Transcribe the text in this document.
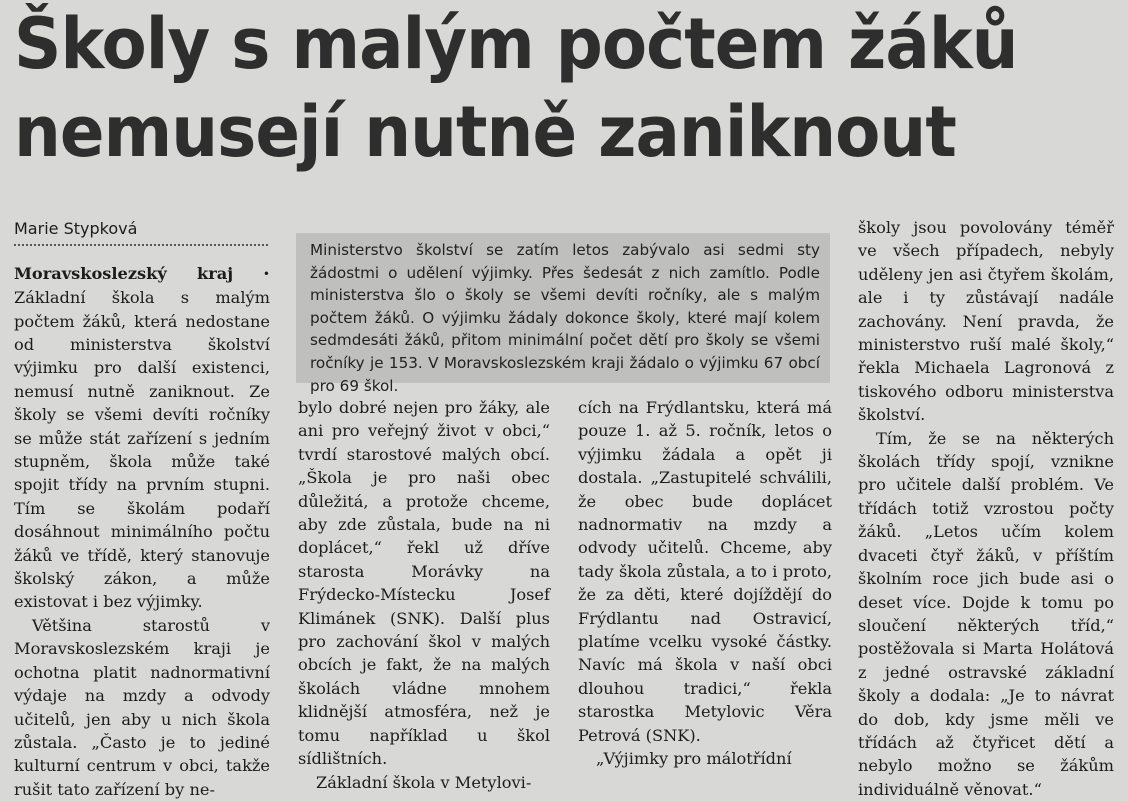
Školy s malým počtem žáků
nemusejí nutně zaniknout
Marie Stypková
Ministerstvo školství se zatím letos zabývalo asi sedmi sty žádostmi o udělení výjimky. Přes šedesát z nich zamítlo. Podle ministerstva šlo o školy se všemi devíti ročníky, ale s malým počtem žáků. O výjimku žádaly dokonce školy, které mají kolem sedmdesáti žáků, přitom minimální počet dětí pro školy se všemi ročníky je 153. V Moravskoslezském kraji žádalo o výjimku 67 obcí pro 69 škol.

Moravskoslezský kraj • Základní škola s malým počtem žáků, která nedostane od ministerstva školství výjimku pro další existenci, nemusí nutně zaniknout. Ze školy se všemi devíti ročníky se může stát zařízení s jedním stupněm, škola může také spojit třídy na prvním stupni. Tím se školám podaří dosáhnout minimálního počtu žáků ve třídě, který stanovuje školský zákon, a může existovat i bez výjimky.

Většina starostů v Moravskoslezském kraji je ochotna platit nadnormativní výdaje na mzdy a odvody učitelů, jen aby u nich škola zůstala. „Často je to jediné kulturní centrum v obci, takže rušit tato zařízení by ne-

bylo dobré nejen pro žáky, ale ani pro veřejný život v obci,“ tvrdí starostové malých obcí. „Škola je pro naši obec důležitá, a protože chceme, aby zde zůstala, bude na ni doplácet,“ řekl už dříve starosta Morávky na Frýdecko-Místecku Josef Klimánek (SNK). Další plus pro zachování škol v malých obcích je fakt, že na malých školách vládne mnohem klidnější atmosféra, než je tomu například u škol sídlištních.

Základní škola v Metylovi-

cích na Frýdlantsku, která má pouze 1. až 5. ročník, letos o výjimku žádala a opět ji dostala. „Zastupitelé schválili, že obec bude doplácet nadnormativ na mzdy a odvody učitelů. Chceme, aby tady škola zůstala, a to i proto, že za děti, které dojíždějí do Frýdlantu nad Ostravicí, platíme vcelku vysoké částky. Navíc má škola v naší obci dlouhou tradici,“ řekla starostka Metylovic Věra Petrová (SNK).

„Výjimky pro málotřídní

školy jsou povolovány téměř ve všech případech, nebyly uděleny jen asi čtyřem školám, ale i ty zůstávají nadále zachovány. Není pravda, že ministerstvo ruší malé školy,“ řekla Michaela Lagronová z tiskového odboru ministerstva školství.

Tím, že se na některých školách třídy spojí, vznikne pro učitele další problém. Ve třídách totiž vzrostou počty žáků. „Letos učím kolem dvaceti čtyř žáků, v příštím školním roce jich bude asi o deset více. Dojde k tomu po sloučení některých tříd,“ postěžovala si Marta Holátová z jedné ostravské základní školy a dodala: „Je to návrat do dob, kdy jsme měli ve třídách až čtyřicet dětí a nebylo možno se žákům individuálně věnovat.“
